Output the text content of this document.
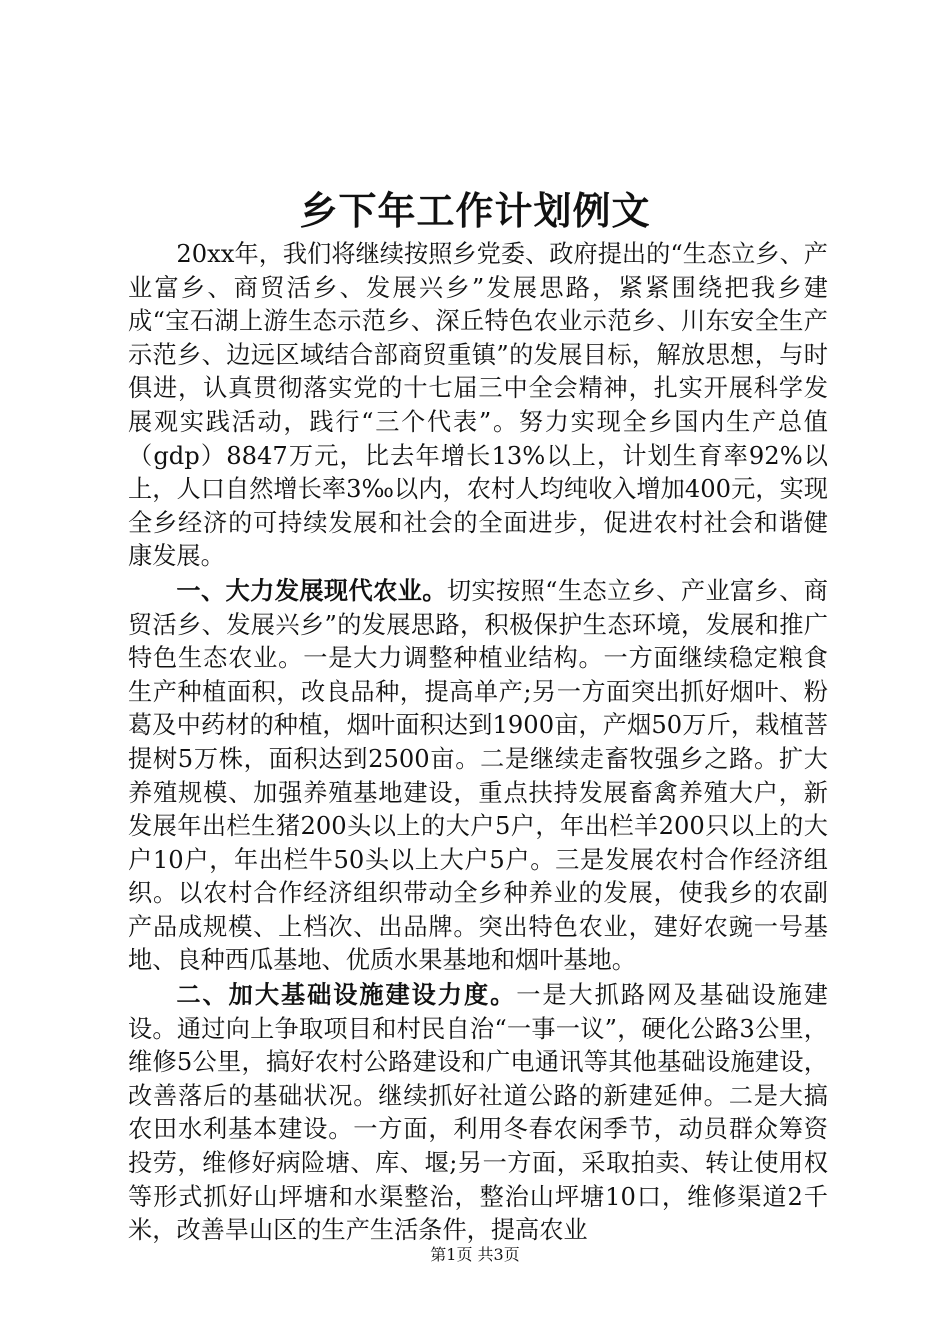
乡下年工作计划例文

20xx年，我们将继续按照乡党委、政府提出的“生态立乡、产业富乡、商贸活乡、发展兴乡”发展思路，紧紧围绕把我乡建成“宝石湖上游生态示范乡、深丘特色农业示范乡、川东安全生产示范乡、边远区域结合部商贸重镇”的发展目标，解放思想，与时俱进，认真贯彻落实党的十七届三中全会精神，扎实开展科学发展观实践活动，践行“三个代表”。努力实现全乡国内生产总值（gdp）8847万元，比去年增长13%以上，计划生育率92%以上，人口自然增长率3‰以内，农村人均纯收入增加400元，实现全乡经济的可持续发展和社会的全面进步，促进农村社会和谐健康发展。

一、大力发展现代农业。切实按照“生态立乡、产业富乡、商贸活乡、发展兴乡”的发展思路，积极保护生态环境，发展和推广特色生态农业。一是大力调整种植业结构。一方面继续稳定粮食生产种植面积，改良品种，提高单产;另一方面突出抓好烟叶、粉葛及中药材的种植，烟叶面积达到1900亩，产烟50万斤，栽植菩提树5万株，面积达到2500亩。二是继续走畜牧强乡之路。扩大养殖规模、加强养殖基地建设，重点扶持发展畜禽养殖大户，新发展年出栏生猪200头以上的大户5户，年出栏羊200只以上的大户10户，年出栏牛50头以上大户5户。三是发展农村合作经济组织。以农村合作经济组织带动全乡种养业的发展，使我乡的农副产品成规模、上档次、出品牌。突出特色农业，建好农豌一号基地、良种西瓜基地、优质水果基地和烟叶基地。

二、加大基础设施建设力度。一是大抓路网及基础设施建设。通过向上争取项目和村民自治“一事一议”，硬化公路3公里，维修5公里，搞好农村公路建设和广电通讯等其他基础设施建设，改善落后的基础状况。继续抓好社道公路的新建延伸。二是大搞农田水利基本建设。一方面，利用冬春农闲季节，动员群众筹资投劳，维修好病险塘、库、堰;另一方面，采取拍卖、转让使用权等形式抓好山坪塘和水渠整治，整治山坪塘10口，维修渠道2千米，改善旱山区的生产生活条件，提高农业

第1页 共3页
